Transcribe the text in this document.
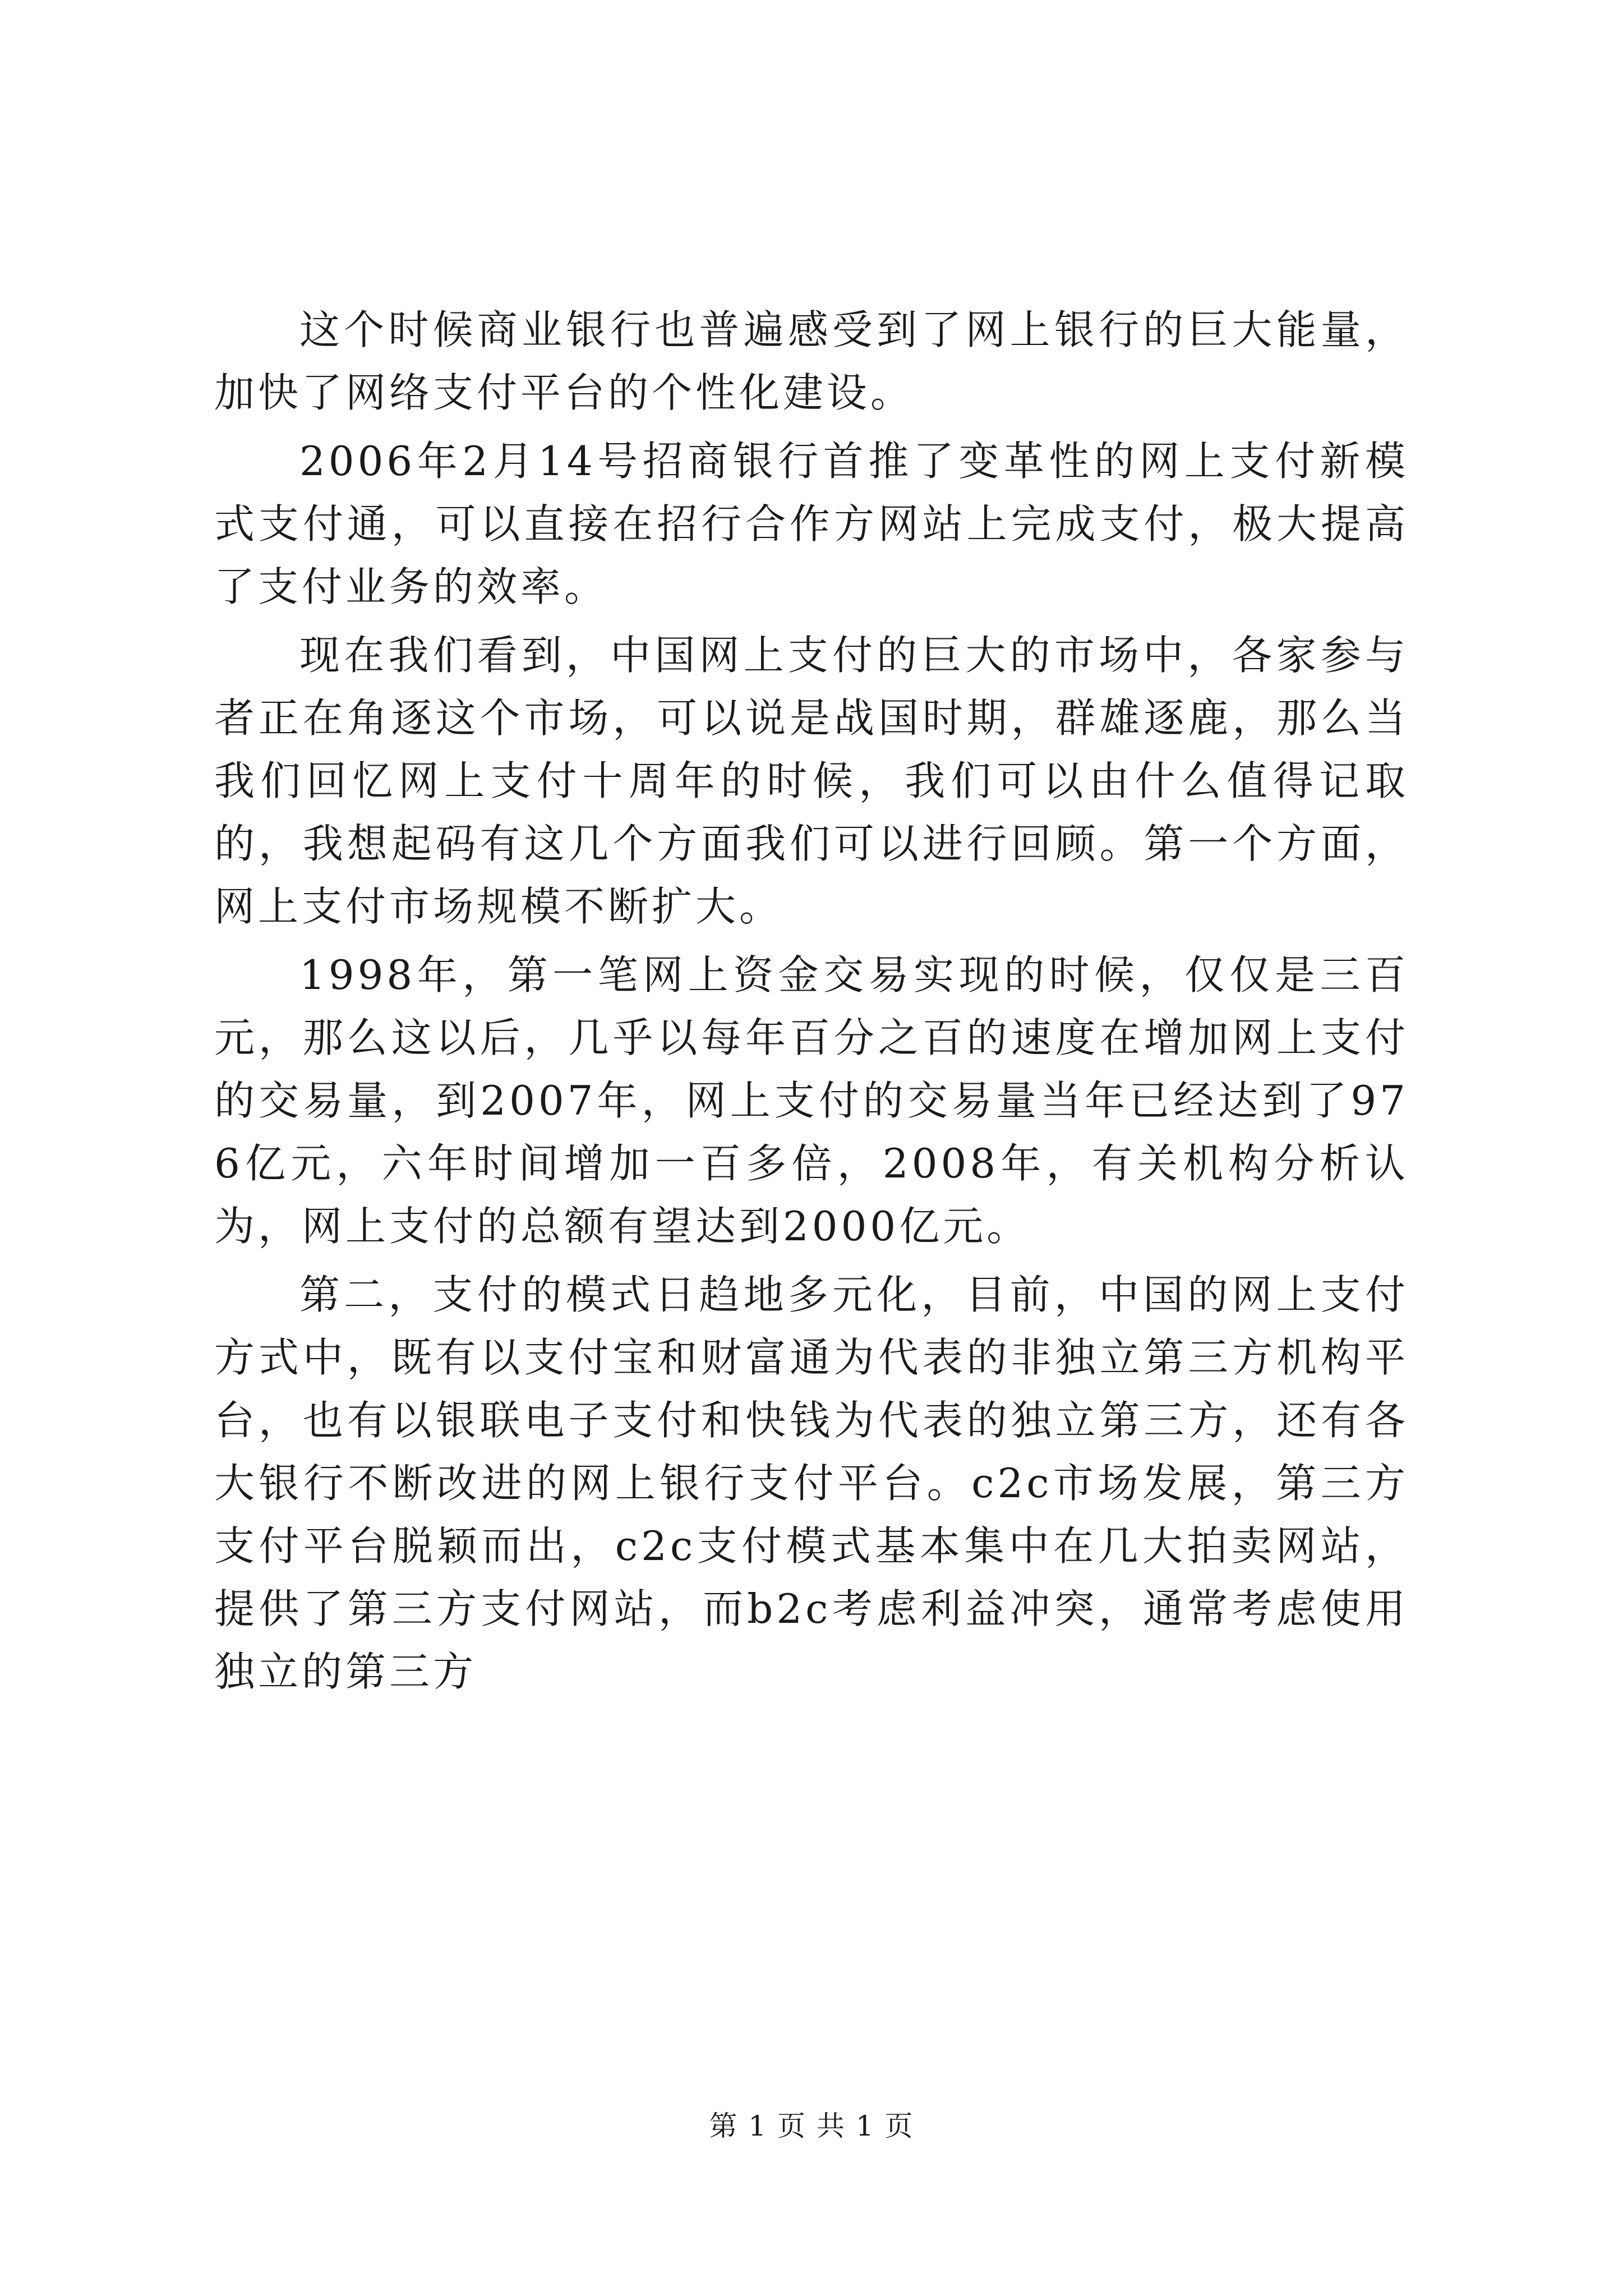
这个时候商业银行也普遍感受到了网上银行的巨大能量，加快了网络支付平台的个性化建设。

2006年2月14号招商银行首推了变革性的网上支付新模式支付通，可以直接在招行合作方网站上完成支付，极大提高了支付业务的效率。

现在我们看到，中国网上支付的巨大的市场中，各家参与者正在角逐这个市场，可以说是战国时期，群雄逐鹿，那么当我们回忆网上支付十周年的时候，我们可以由什么值得记取的，我想起码有这几个方面我们可以进行回顾。第一个方面，网上支付市场规模不断扩大。

1998年，第一笔网上资金交易实现的时候，仅仅是三百元，那么这以后，几乎以每年百分之百的速度在增加网上支付的交易量，到2007年，网上支付的交易量当年已经达到了976亿元，六年时间增加一百多倍，2008年，有关机构分析认为，网上支付的总额有望达到2000亿元。

第二，支付的模式日趋地多元化，目前，中国的网上支付方式中，既有以支付宝和财富通为代表的非独立第三方机构平台，也有以银联电子支付和快钱为代表的独立第三方，还有各大银行不断改进的网上银行支付平台。c2c市场发展，第三方支付平台脱颖而出，c2c支付模式基本集中在几大拍卖网站，提供了第三方支付网站，而b2c考虑利益冲突，通常考虑使用独立的第三方

第 1 页 共 1 页
